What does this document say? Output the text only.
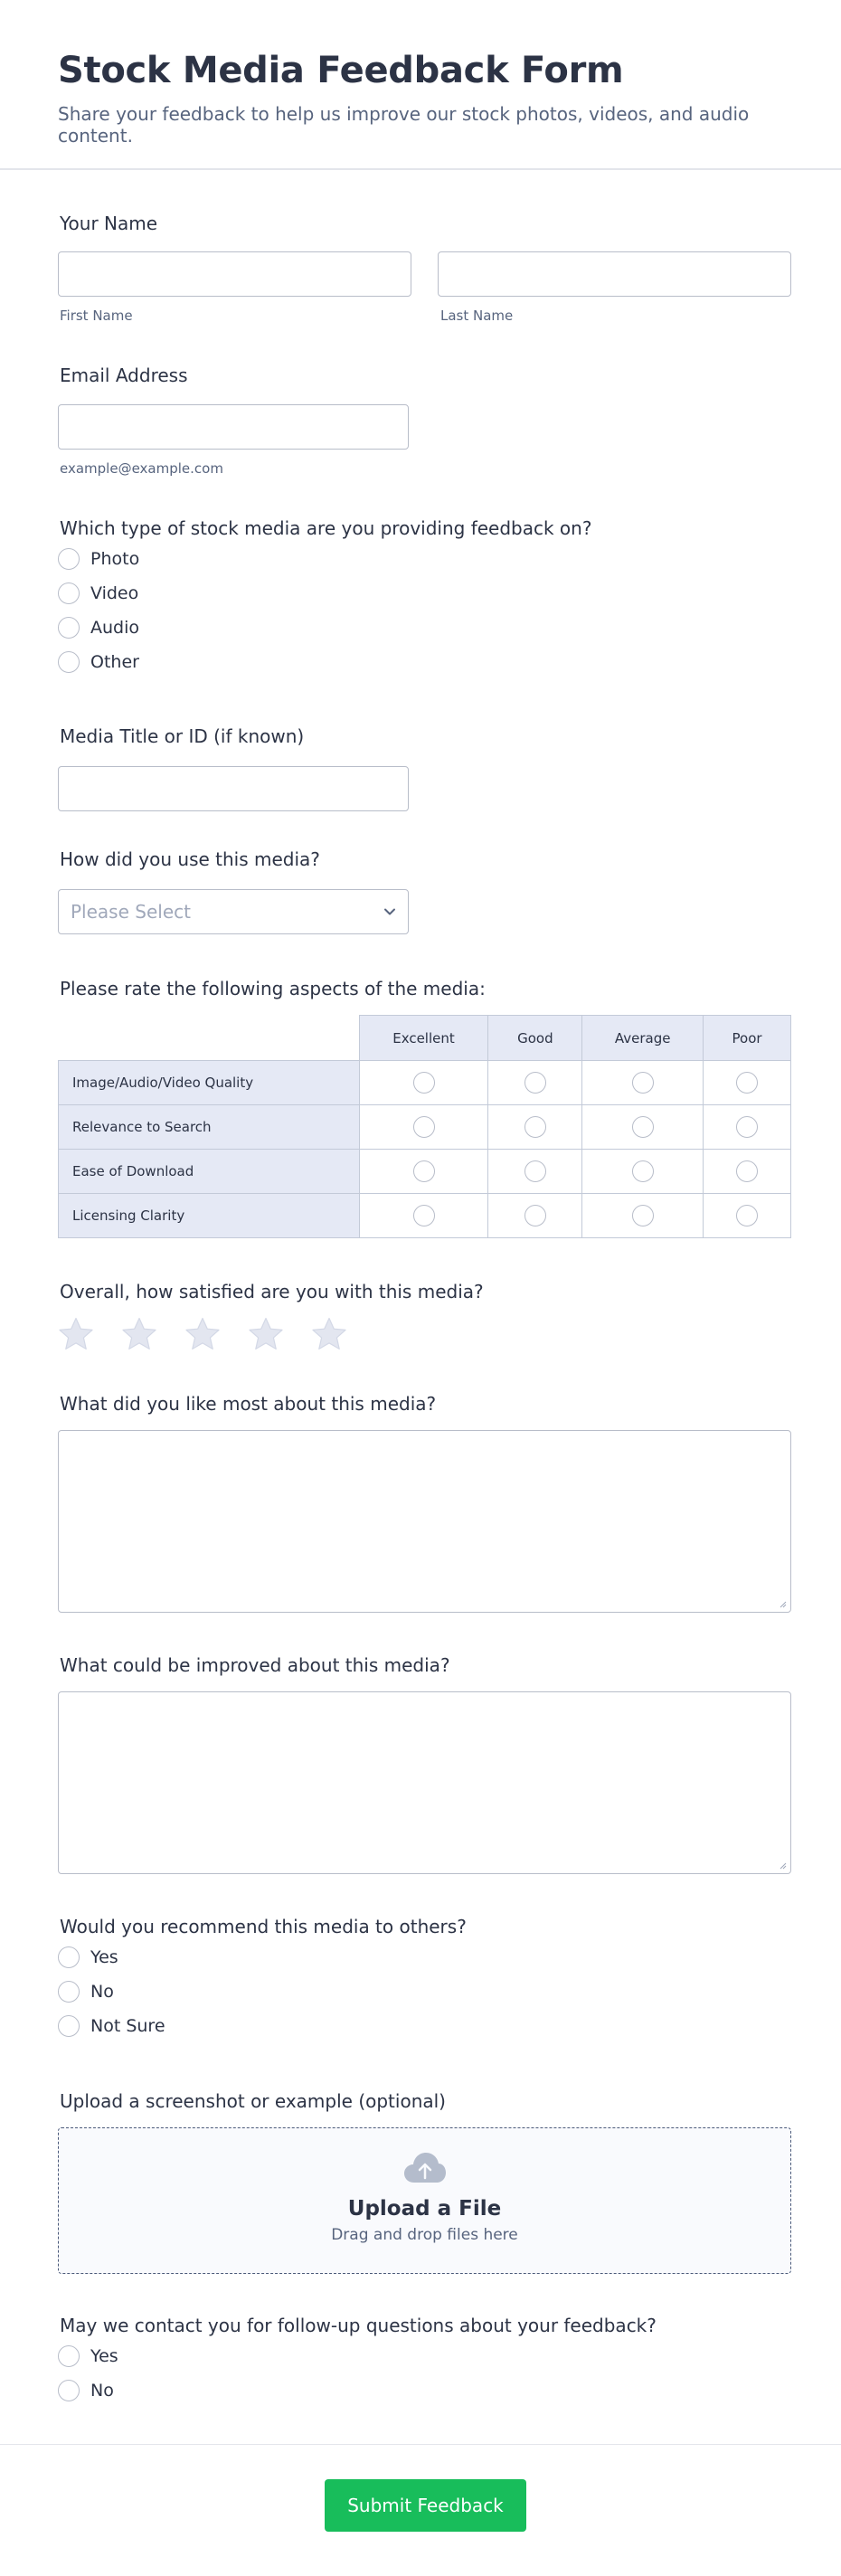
Stock Media Feedback Form

Share your feedback to help us improve our stock photos, videos, and audio content.

Your Name
First Name	Last Name
Email Address
example@example.com
Which type of stock media are you providing feedback on?
Photo
Video
Audio
Other
Media Title or ID (if known)
How did you use this media?
Please Select
Please rate the following aspects of the media:
	Excellent	Good	Average	Poor
Image/Audio/Video Quality				
Relevance to Search				
Ease of Download				
Licensing Clarity				
Overall, how satisfied are you with this media?
What did you like most about this media?
What could be improved about this media?
Would you recommend this media to others?
Yes
No
Not Sure
Upload a screenshot or example (optional)
Upload a File
Drag and drop files here
May we contact you for follow-up questions about your feedback?
Yes
No
Submit Feedback
